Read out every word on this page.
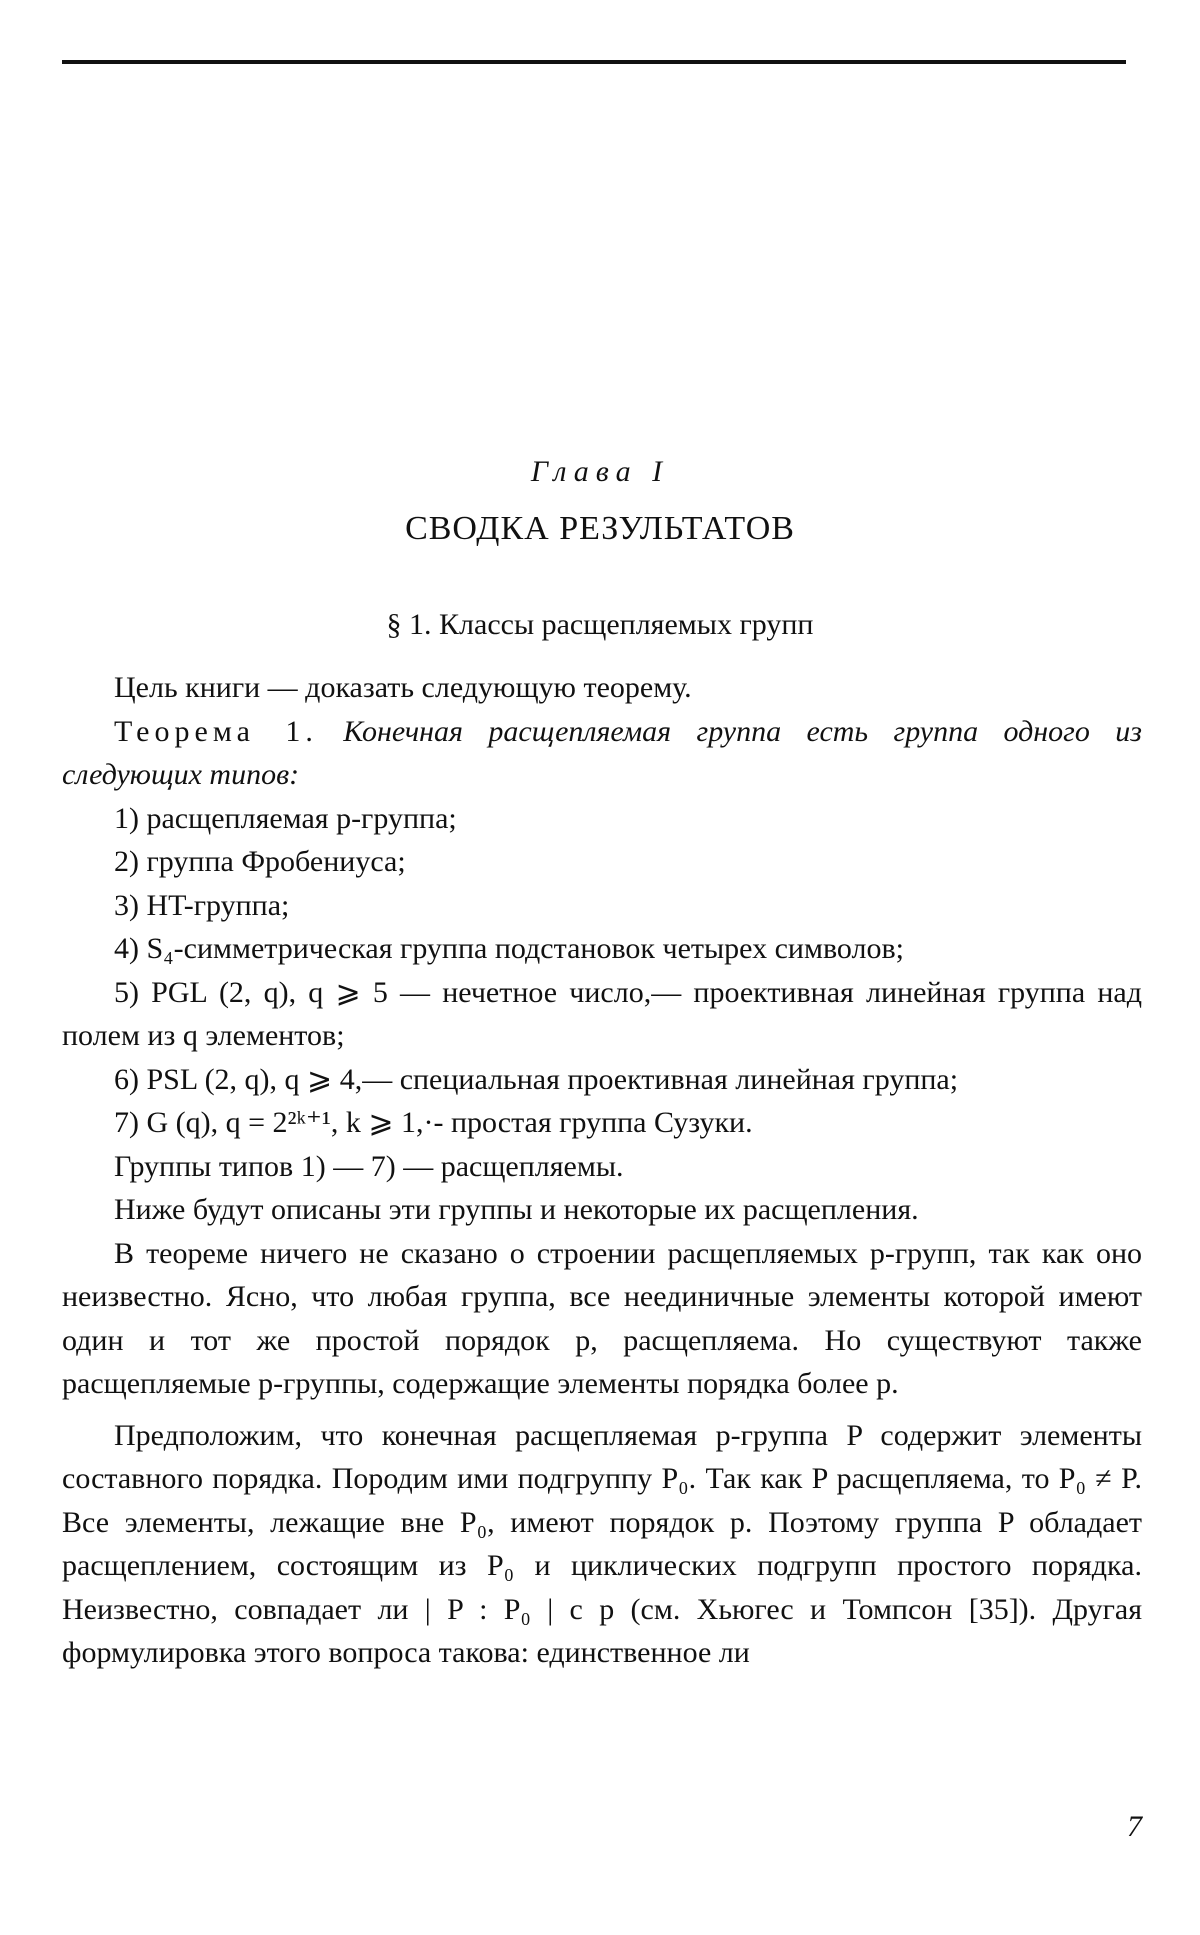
Глава I
СВОДКА РЕЗУЛЬТАТОВ
§ 1. Классы расщепляемых групп

Цель книги — доказать следующую теорему.

Теорема 1. Конечная расщепляемая группа есть группа одного из следующих типов:

1) расщепляемая p-группа;

2) группа Фробениуса;

3) HT-группа;

4) S₄-симметрическая группа подстановок четырех символов;

5) PGL (2, q), q ⩾ 5 — нечетное число,— проективная линейная группа над полем из q элементов;

6) PSL (2, q), q ⩾ 4,— специальная проективная линейная группа;

7) G (q), q = 2²ᵏ⁺¹, k ⩾ 1,·- простая группа Сузуки.

Группы типов 1) — 7) — расщепляемы.

Ниже будут описаны эти группы и некоторые их расщепления.

В теореме ничего не сказано о строении расщепляемых p-групп, так как оно неизвестно. Ясно, что любая группа, все неединичные элементы которой имеют один и тот же простой порядок p, расщепляема. Но существуют также расщепляемые p-группы, содержащие элементы порядка более p.

Предположим, что конечная расщепляемая p-группа P содержит элементы составного порядка. Породим ими подгруппу P₀. Так как P расщепляема, то P₀ ≠ P. Все элементы, лежащие вне P₀, имеют порядок p. Поэтому группа P обладает расщеплением, состоящим из P₀ и циклических подгрупп простого порядка. Неизвестно, совпадает ли | P : P₀ | с p (см. Хьюгес и Томпсон [35]). Другая формулировка этого вопроса такова: единственное ли

7
